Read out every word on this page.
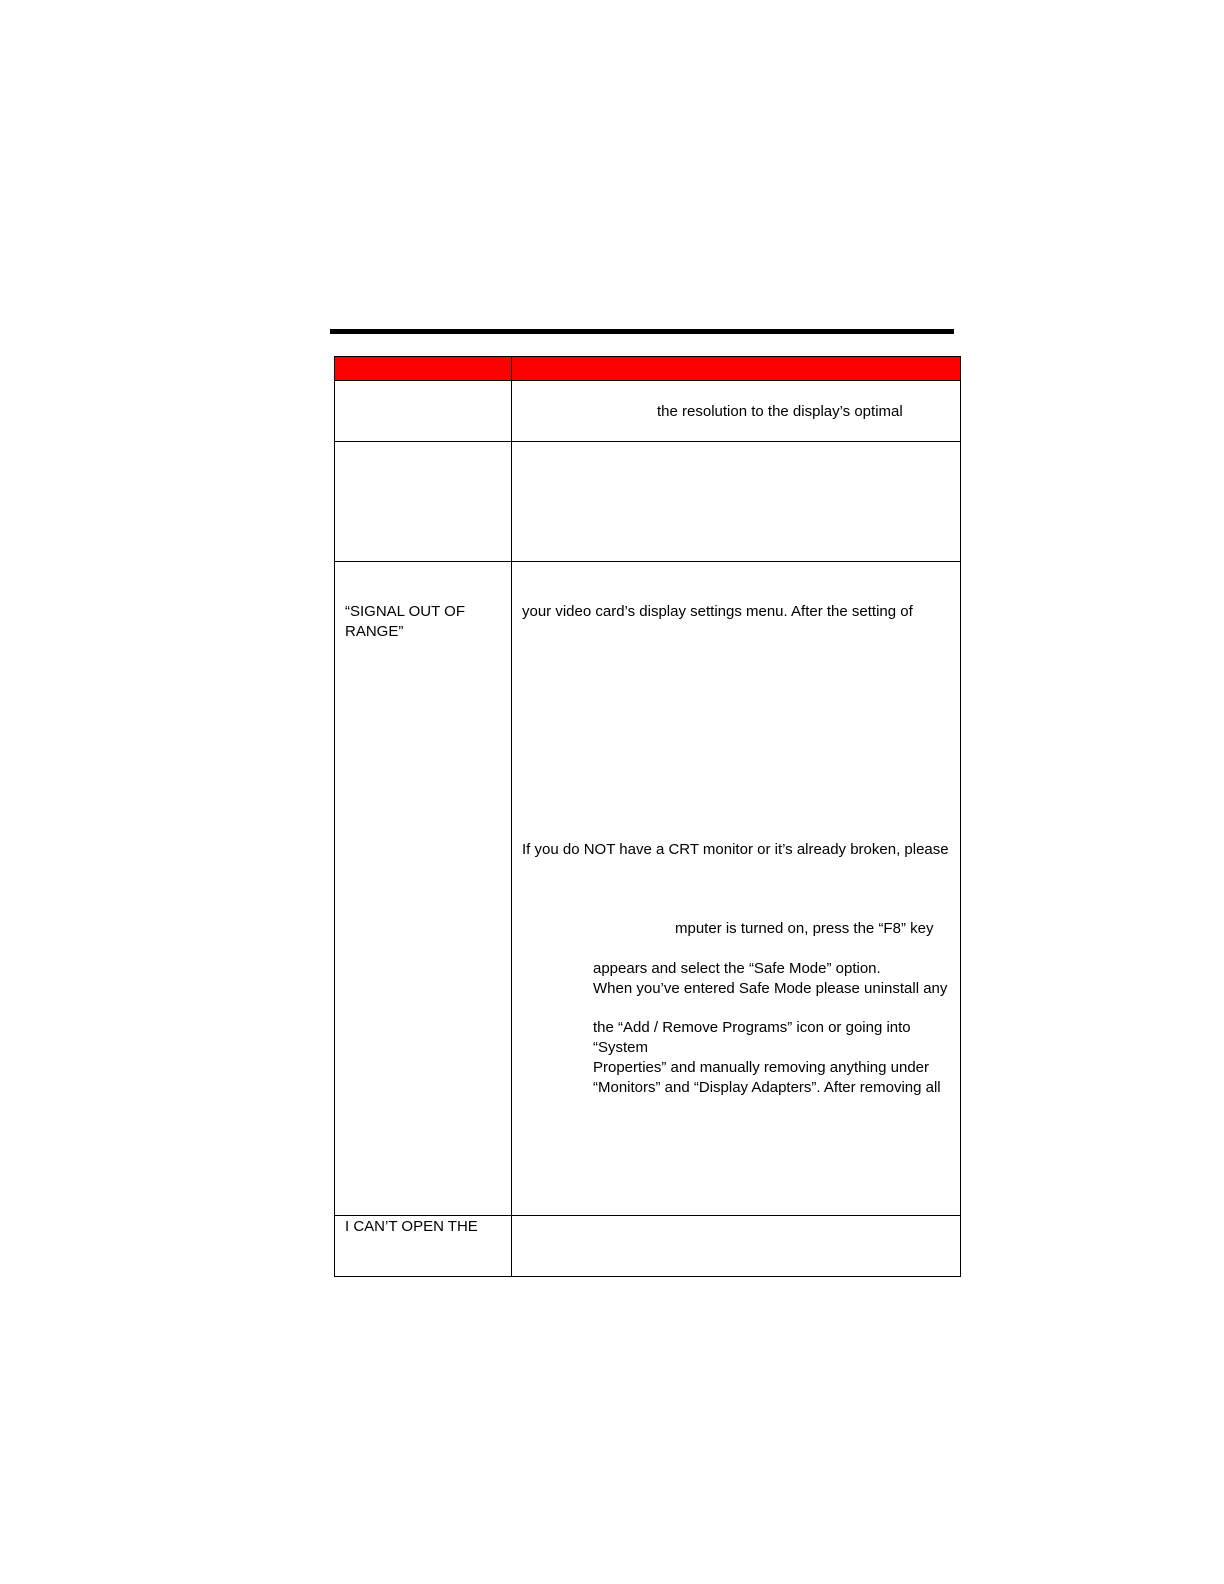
the resolution to the display’s optimal
“SIGNAL OUT OF
RANGE”
your video card’s display settings menu. After the setting of
If you do NOT have a CRT monitor or it’s already broken, please
mputer is turned on, press the “F8” key
appears and select the “Safe Mode” option.
When you’ve entered Safe Mode please uninstall any
the “Add / Remove Programs” icon or going into
“System
Properties” and manually removing anything under
“Monitors” and “Display Adapters”. After removing all
I CAN’T OPEN THE
